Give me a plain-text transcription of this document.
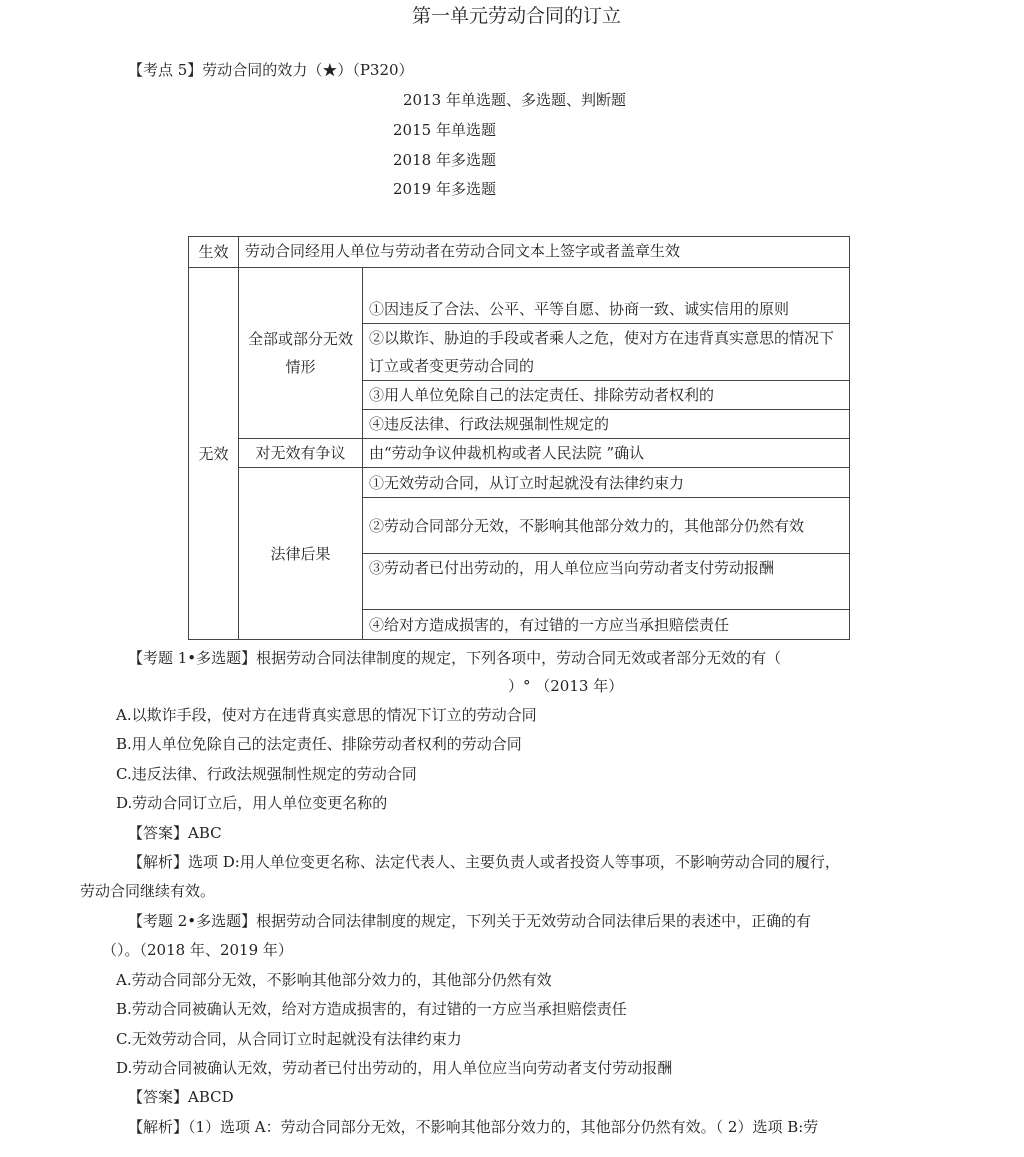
第一单元劳动合同的订立
【考点 5】劳动合同的效力（★）（P320）
2013 年单选题、多选题、判断题
2015 年单选题
2018 年多选题
2019 年多选题
生效	劳动合同经用人单位与劳动者在劳动合同文本上签字或者盖章生效	
无效	全部或部分无效情形	①因违反了合法、公平、平等自愿、协商一致、诚实信用的原则
		②以欺诈、胁迫的手段或者乘人之危，使对方在违背真实意思的情况下订立或者变更劳动合同的
		③用人单位免除自己的法定责任、排除劳动者权利的
		④违反法律、行政法规强制性规定的
	对无效有争议	由“劳动争议仲裁机构或者人民法院 ”确认
	法律后果	①无效劳动合同，从订立时起就没有法律约束力
		②劳动合同部分无效，不影响其他部分效力的，其他部分仍然有效
		③劳动者已付出劳动的，用人单位应当向劳动者支付劳动报酬
		④给对方造成损害的，有过错的一方应当承担赔偿责任
【考题 1•多选题】根据劳动合同法律制度的规定，下列各项中，劳动合同无效或者部分无效的有（
）° （2013 年）
A.以欺诈手段，使对方在违背真实意思的情况下订立的劳动合同
B.用人单位免除自己的法定责任、排除劳动者权利的劳动合同
C.违反法律、行政法规强制性规定的劳动合同
D.劳动合同订立后，用人单位变更名称的
【答案】ABC
【解析】选项 D:用人单位变更名称、法定代表人、主要负责人或者投资人等事项，不影响劳动合同的履行，
劳动合同继续有效。
【考题 2•多选题】根据劳动合同法律制度的规定，下列关于无效劳动合同法律后果的表述中，正确的有
（）。（2018 年、2019 年）
A.劳动合同部分无效，不影响其他部分效力的，其他部分仍然有效
B.劳动合同被确认无效，给对方造成损害的，有过错的一方应当承担赔偿责任
C.无效劳动合同，从合同订立时起就没有法律约束力
D.劳动合同被确认无效，劳动者已付出劳动的，用人单位应当向劳动者支付劳动报酬
【答案】ABCD
【解析】（1）选项 A：劳动合同部分无效，不影响其他部分效力的，其他部分仍然有效。（ 2）选项 B:劳
